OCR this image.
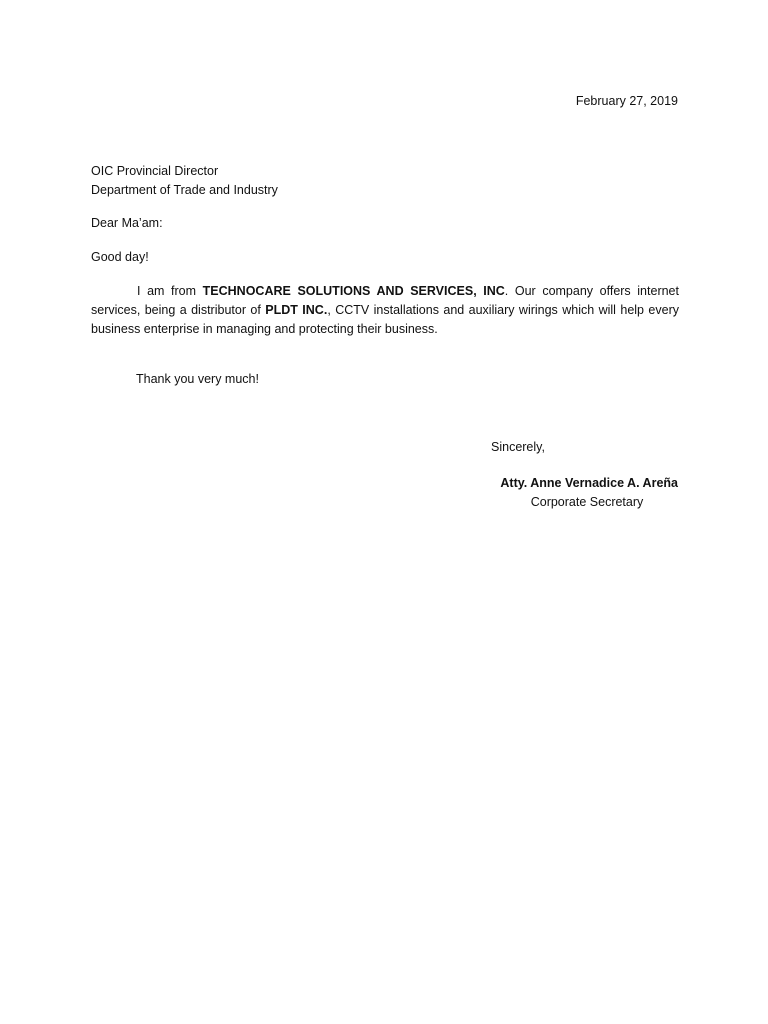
February 27, 2019
OIC Provincial Director
Department of Trade and Industry
Dear Ma’am:
Good day!
I am from TECHNOCARE SOLUTIONS AND SERVICES, INC. Our company offers internet services, being a distributor of PLDT INC., CCTV installations and auxiliary wirings which will help every business enterprise in managing and protecting their business.
Thank you very much!
Sincerely,
Atty. Anne Vernadice A. Areña
Corporate Secretary
